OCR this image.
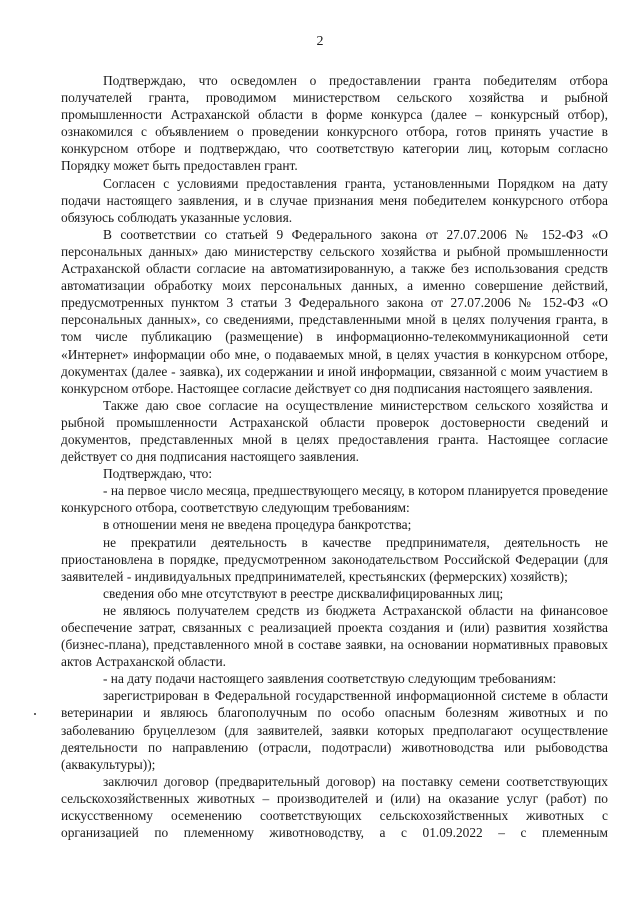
2

Подтверждаю, что осведомлен о предоставлении гранта победителям отбора получателей гранта, проводимом министерством сельского хозяйства и рыбной промышленности Астраханской области в форме конкурса (далее – конкурсный отбор), ознакомился с объявлением о проведении конкурсного отбора, готов принять участие в конкурсном отборе и подтверждаю, что соответствую категории лиц, которым согласно Порядку может быть предоставлен грант.

Согласен с условиями предоставления гранта, установленными Порядком на дату подачи настоящего заявления, и в случае признания меня победителем конкурсного отбора обязуюсь соблюдать указанные условия.

В соответствии со статьей 9 Федерального закона от 27.07.2006 № 152-ФЗ «О персональных данных» даю министерству сельского хозяйства и рыбной промышленности Астраханской области согласие на автоматизированную, а также без использования средств автоматизации обработку моих персональных данных, а именно совершение действий, предусмотренных пунктом 3 статьи 3 Федерального закона от 27.07.2006 № 152-ФЗ «О персональных данных», со сведениями, представленными мной в целях получения гранта, в том числе публикацию (размещение) в информационно-телекоммуникационной сети «Интернет» информации обо мне, о подаваемых мной, в целях участия в конкурсном отборе, документах (далее - заявка), их содержании и иной информации, связанной с моим участием в конкурсном отборе. Настоящее согласие действует со дня подписания настоящего заявления.

Также даю свое согласие на осуществление министерством сельского хозяйства и рыбной промышленности Астраханской области проверок достоверности сведений и документов, представленных мной в целях предоставления гранта. Настоящее согласие действует со дня подписания настоящего заявления.

Подтверждаю, что:

- на первое число месяца, предшествующего месяцу, в котором планируется проведение конкурсного отбора, соответствую следующим требованиям:

в отношении меня не введена процедура банкротства;

не прекратили деятельность в качестве предпринимателя, деятельность не приостановлена в порядке, предусмотренном законодательством Российской Федерации (для заявителей - индивидуальных предпринимателей, крестьянских (фермерских) хозяйств);

сведения обо мне отсутствуют в реестре дисквалифицированных лиц;

не являюсь получателем средств из бюджета Астраханской области на финансовое обеспечение затрат, связанных с реализацией проекта создания и (или) развития хозяйства (бизнес-плана), представленного мной в составе заявки, на основании нормативных правовых актов Астраханской области.

- на дату подачи настоящего заявления соответствую следующим требованиям:

зарегистрирован в Федеральной государственной информационной системе в области ветеринарии и являюсь благополучным по особо опасным болезням животных и по заболеванию бруцеллезом (для заявителей, заявки которых предполагают осуществление деятельности по направлению (отрасли, подотрасли) животноводства или рыбоводства (аквакультуры));

заключил договор (предварительный договор) на поставку семени соответствующих сельскохозяйственных животных – производителей и (или) на оказание услуг (работ) по искусственному осеменению соответствующих сельскохозяйственных животных с организацией по племенному животноводству, а с 01.09.2022 – с племенным
